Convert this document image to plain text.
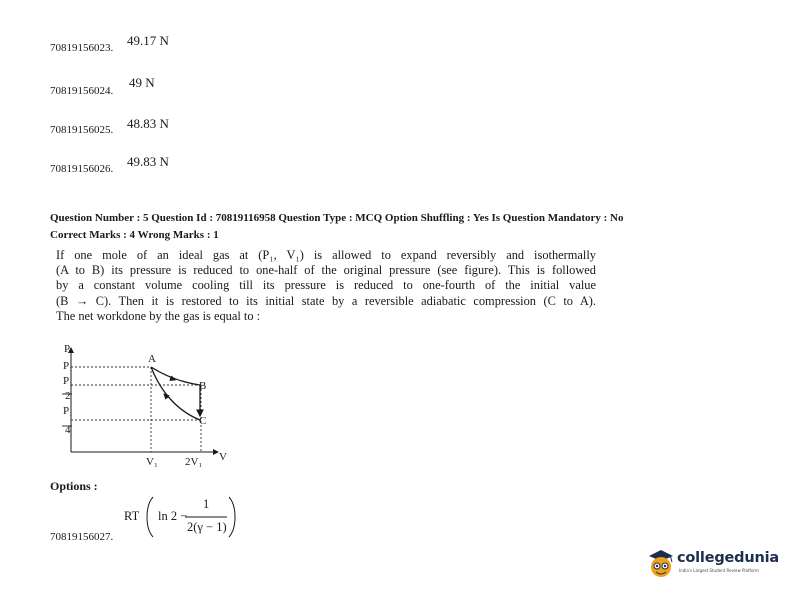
70819156023. 49.17 N
70819156024.
49 N
70819156025. 48.83 N
70819156026. 49.83 N
Question Number : 5 Question Id : 70819116958 Question Type : MCQ Option Shuffling : Yes Is Question Mandatory : No
Correct Marks : 4 Wrong Marks : 1

If one mole of an ideal gas at (P₁, V₁) is allowed to expand reversibly and isothermally

(A to B) its pressure is reduced to one-half of the original pressure (see figure). This is followed

by a constant volume cooling till its pressure is reduced to one-fourth of the initial value

(B → C). Then it is restored to its initial state by a reversible adiabatic compression (C to A).

The net workdone by the gas is equal to :

P
P₁
P₁
2
P₁
4
A
B
C
V₁ 2V₁ V
Options :
RT ln 2 −
1
2(γ − 1)
70819156027.
collegedunia
India's Largest Student Review Platform
